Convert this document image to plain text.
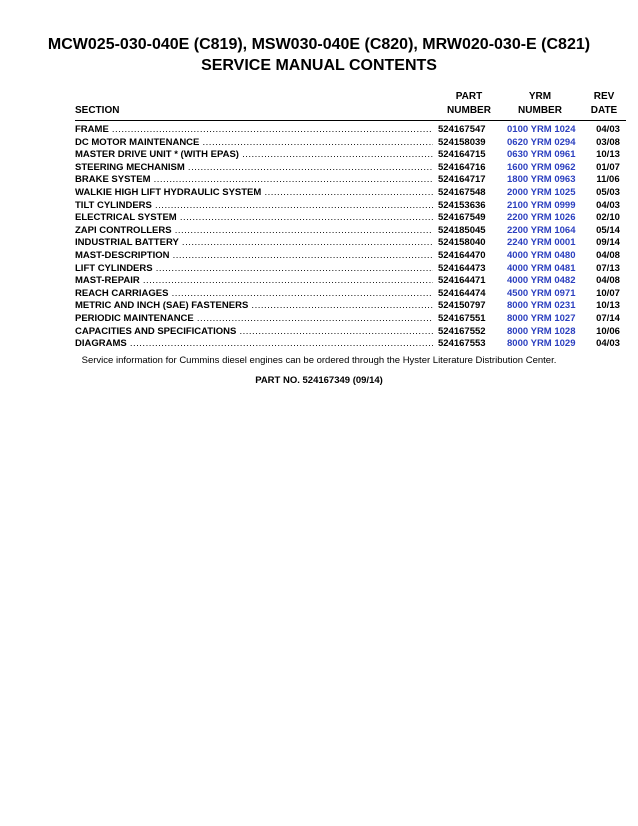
MCW025-030-040E (C819), MSW030-040E (C820), MRW020-030-E (C821)
SERVICE MANUAL CONTENTS
SECTION
PART
NUMBER
YRM
NUMBER
REV
DATE
FRAME .....	524167547	0100 YRM 1024	04/03
DC MOTOR MAINTENANCE .....	524158039	0620 YRM 0294	03/08
MASTER DRIVE UNIT * (WITH EPAS) .....	524164715	0630 YRM 0961	10/13
STEERING MECHANISM .....	524164716	1600 YRM 0962	01/07
BRAKE SYSTEM .....	524164717	1800 YRM 0963	11/06
WALKIE HIGH LIFT HYDRAULIC SYSTEM .....	524167548	2000 YRM 1025	05/03
TILT CYLINDERS .....	524153636	2100 YRM 0999	04/03
ELECTRICAL SYSTEM .....	524167549	2200 YRM 1026	02/10
ZAPI CONTROLLERS .....	524185045	2200 YRM 1064	05/14
INDUSTRIAL BATTERY .....	524158040	2240 YRM 0001	09/14
MAST-DESCRIPTION .....	524164470	4000 YRM 0480	04/08
LIFT CYLINDERS .....	524164473	4000 YRM 0481	07/13
MAST-REPAIR .....	524164471	4000 YRM 0482	04/08
REACH CARRIAGES .....	524164474	4500 YRM 0971	10/07
METRIC AND INCH (SAE) FASTENERS .....	524150797	8000 YRM 0231	10/13
PERIODIC MAINTENANCE .....	524167551	8000 YRM 1027	07/14
CAPACITIES AND SPECIFICATIONS .....	524167552	8000 YRM 1028	10/06
DIAGRAMS .....	524167553	8000 YRM 1029	04/03
Service information for Cummins diesel engines can be ordered through the Hyster Literature Distribution Center.
PART NO. 524167349 (09/14)
